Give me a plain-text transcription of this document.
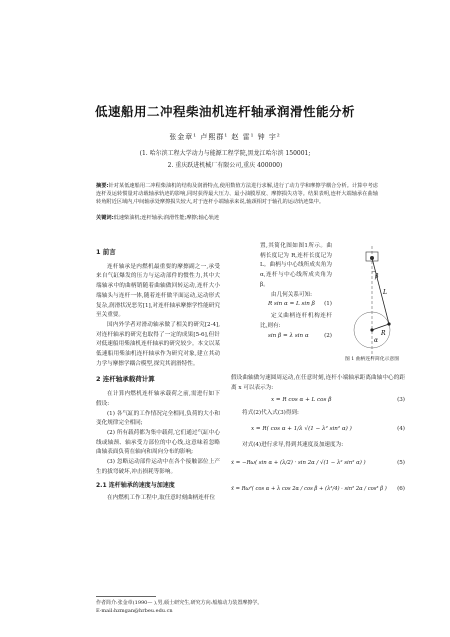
低速船用二冲程柴油机连杆轴承润滑性能分析
张金章¹ 卢熙群¹ 赵 雷¹ 钟 宇²
(1. 哈尔滨工程大学动力与能源工程学院,黑龙江哈尔滨 150001;
2. 重庆跃进机械厂有限公司,重庆 400000)
摘要:针对某低速船用二冲程柴油机的结构及润滑特点,使用数值方法进行求解,进行了动力学和摩擦学耦合分析。计算中考虑连杆及运转惯量对动载轴承轨迹的影响,同时获得最大压力、最小油膜厚度、摩擦损失功等。结果表明,连杆大端轴承在曲轴转角附近区域内,中间轴承处摩擦损失较大,对于连杆小端轴承来说,轴颈相对于轴孔的运动轨迹集中。
关键词:低速柴油机;连杆轴承;润滑性能;摩擦;轴心轨迹
1 前言

连杆轴承是内燃机最重要的摩擦副之一,承受来自气缸爆发的压力与运动部件的惯性力,其中大端轴承中的曲柄销随着曲轴做回转运动,连杆大小端轴头与连杆一体,随着连杆做平面运动,运动形式复杂,润滑状况恶劣[1],对连杆轴承摩擦学性能研究至关重要。

国内外学者对滑动轴承做了相关的研究[2-4],对连杆轴承的研究也取得了一定的成果[5-6],但针对低速船用柴油机连杆轴承的研究较少。本文以某低速船用柴油机连杆轴承作为研究对象,建立其动力学与摩擦学耦合模型,探究其润滑特性。

2 连杆轴承载荷计算

在计算内燃机连杆轴承载荷之前,需进行如下假设:

(1) 各气缸的工作情况完全相同,负荷的大小和变化规律完全相同;

(2) 所有载荷都为集中载荷,它们通过气缸中心线或轴颈、轴承受力部位的中心线,这意味着忽略曲轴表面负荷在轴向和周向分布的影响;

(3) 忽略运动部件运动中在各个接触部位上产生的拔弯破坏,冲击损耗等影响。

2.1 连杆轴承的速度与加速度

在内燃机工作工程中,取任意时刻曲柄连杆位

置,其简化图如图1所示。曲柄长度记为 R,连杆长度记为 L。曲柄与中心线所成夹角为 α,连杆与中心线所成夹角为 β。

由几何关系可知:

R sin α = L sin β (1)

定义曲柄连杆机构连杆比,则有:

sin β = λ sin α	(2)

β
L
R
α
图 1 曲柄连杆简化示意图

假设曲轴做匀速圆周运动,在任意时刻,连杆小端轴承距离曲轴中心的距离 x 可以表示为:

x = R cos α + L cos β	(3)

将式(2)代入式(3)得到:

x = R( cos α + 1/λ √(1 − λ² sin² α) )	(4)

对式(4)进行求导,得到其速度及加速度为:

ẋ = −Rω( sin α + (λ/2) · sin 2α / √(1 − λ² sin² α) )	(5)
ẍ = Rω²( cos α + λ cos 2α / cos β + (λ³/4) · sin² 2α / cos³ β ) (6)
作者简介:张金章(1990— ),男,硕士研究生,研究方向:船舶动力装置摩擦学。
E-mail:hzmgan@hrbeu.edu.cn
